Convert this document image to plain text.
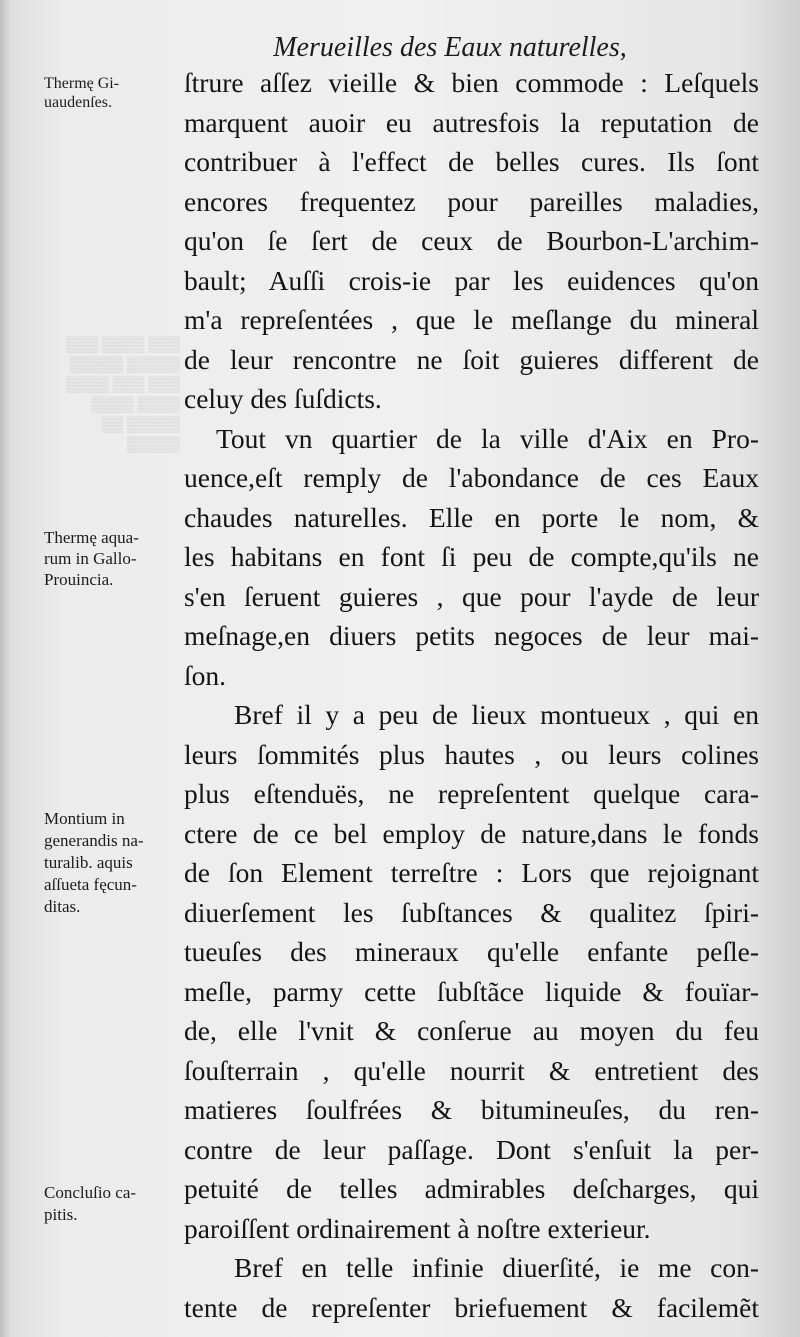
Merueilles des Eaux naturelles,
▒▒▒ ▒▒▒▒ ▒▒▒
▒▒▒▒▒ ▒▒▒▒▒
▒▒▒ ▒▒▒ ▒▒▒▒
▒▒▒▒ ▒▒▒▒
▒▒▒▒▒ ▒▒
▒▒▒▒▒
Thermę Gi-
uaudenſes.
Thermę aqua-
rum in Gallo-
Prouincia.
Montium in
generandis na-
turalib. aquis
aſſueta fęcun-
ditas.
Concluſio ca-
pitis.
ſtrure aſſez vieille & bien commode : Leſquels
marquent auoir eu autresfois la reputation de
contribuer à l'effect de belles cures. Ils ſont
encores frequentez pour pareilles maladies,
qu'on ſe ſert de ceux de Bourbon-L'archim-
bault; Auſſi crois-ie par les euidences qu'on
m'a repreſentées , que le meſlange du mineral
de leur rencontre ne ſoit guieres different de
celuy des ſuſdicts.
Tout vn quartier de la ville d'Aix en Pro-
uence,eſt remply de l'abondance de ces Eaux
chaudes naturelles. Elle en porte le nom, &
les habitans en font ſi peu de compte,qu'ils ne
s'en ſeruent guieres , que pour l'ayde de leur
meſnage,en diuers petits negoces de leur mai-
ſon.
Bref il y a peu de lieux montueux , qui en
leurs ſommités plus hautes , ou leurs colines
plus eſtenduës, ne repreſentent quelque cara-
ctere de ce bel employ de nature,dans le fonds
de ſon Element terreſtre : Lors que rejoignant
diuerſement les ſubſtances & qualitez ſpiri-
tueuſes des mineraux qu'elle enfante peſle-
meſle, parmy cette ſubſtãce liquide & fouïar-
de, elle l'vnit & conſerue au moyen du feu
ſouſterrain , qu'elle nourrit & entretient des
matieres ſoulfrées & bitumineuſes, du ren-
contre de leur paſſage. Dont s'enſuit la per-
petuité de telles admirables deſcharges, qui
paroiſſent ordinairement à noſtre exterieur.
Bref en telle infinie diuerſité, ie me con-
tente de repreſenter briefuement & facilemẽt
